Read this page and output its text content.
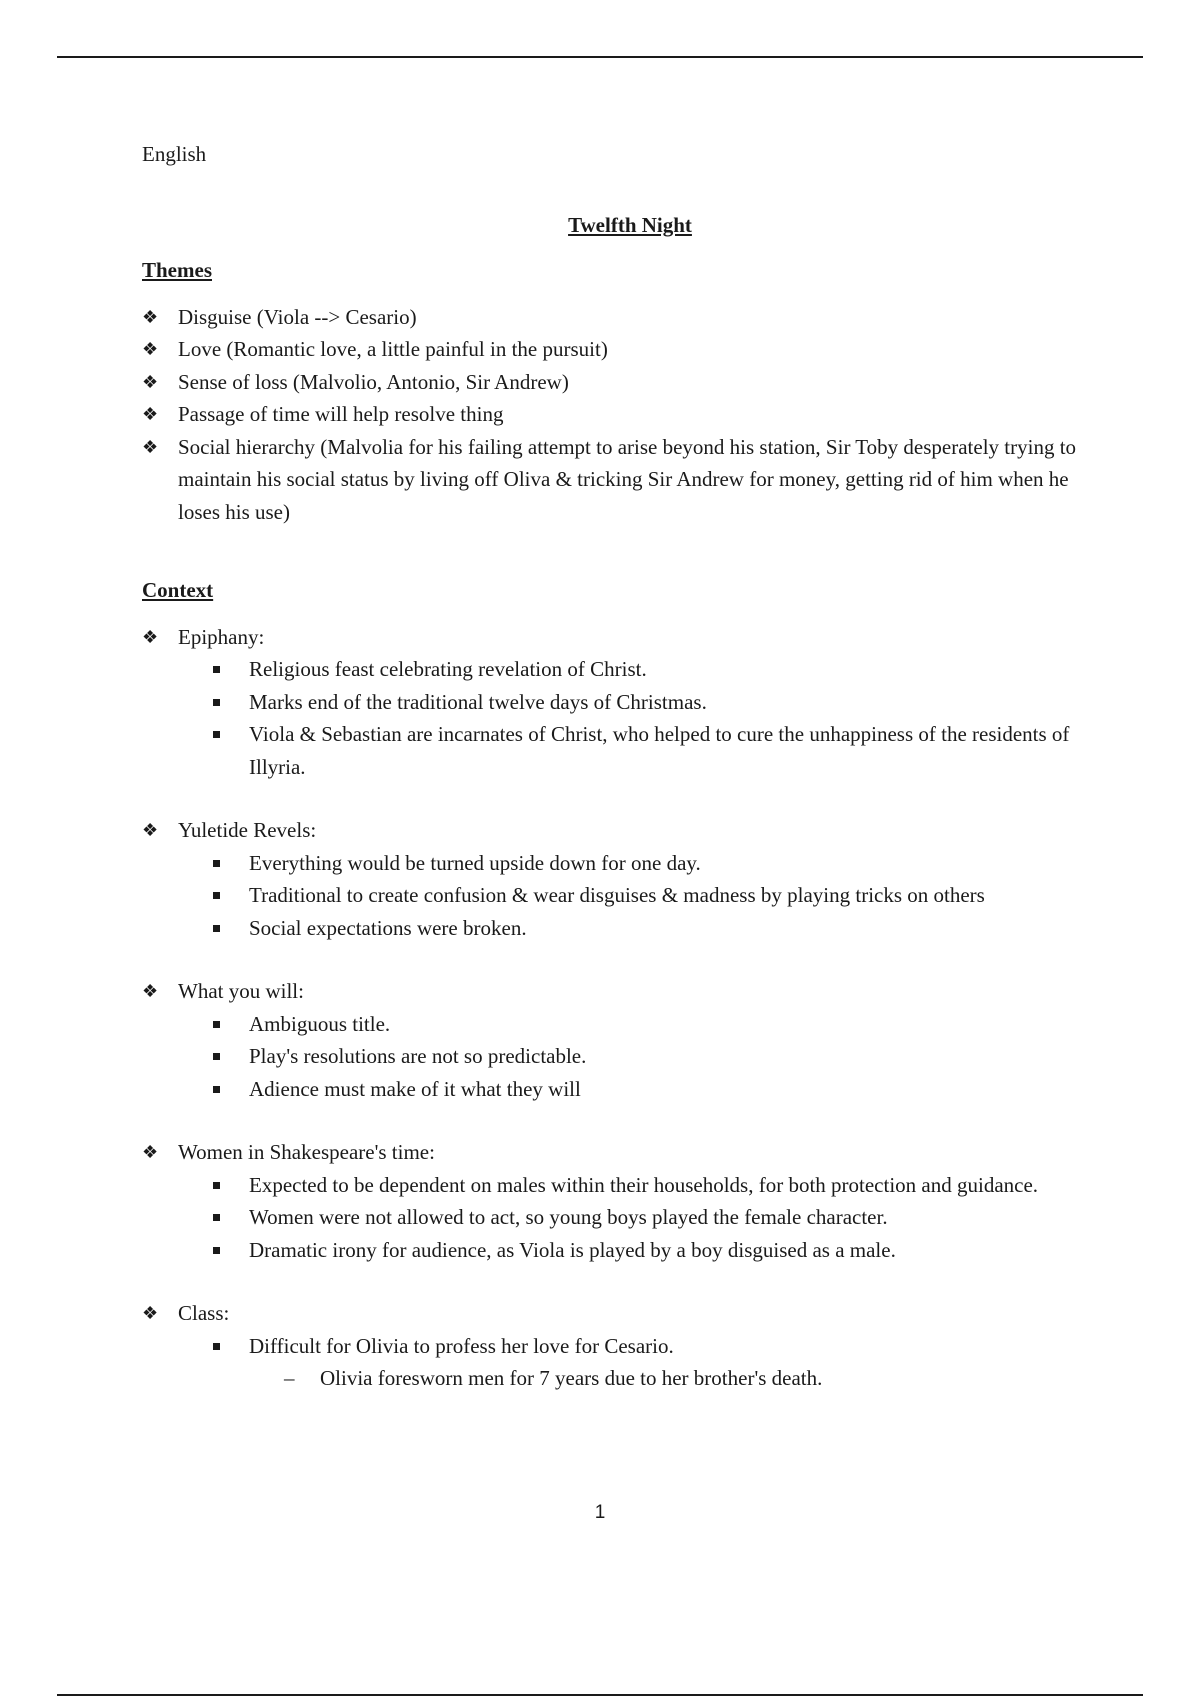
English
Twelfth Night
Themes
❖ Disguise (Viola --> Cesario)
❖ Love (Romantic love, a little painful in the pursuit)
❖ Sense of loss (Malvolio, Antonio, Sir Andrew)
❖ Passage of time will help resolve thing
❖ Social hierarchy (Malvolia for his failing attempt to arise beyond his station, Sir Toby desperately trying to maintain his social status by living off Oliva & tricking Sir Andrew for money, getting rid of him when he loses his use)
Context
❖ Epiphany:
Religious feast celebrating revelation of Christ.
Marks end of the traditional twelve days of Christmas.
Viola & Sebastian are incarnates of Christ, who helped to cure the unhappiness of the residents of Illyria.
❖ Yuletide Revels:
Everything would be turned upside down for one day.
Traditional to create confusion & wear disguises & madness by playing tricks on others
Social expectations were broken.
❖ What you will:
Ambiguous title.
Play's resolutions are not so predictable.
Adience must make of it what they will
❖ Women in Shakespeare's time:
Expected to be dependent on males within their households, for both protection and guidance.
Women were not allowed to act, so young boys played the female character.
Dramatic irony for audience, as Viola is played by a boy disguised as a male.
❖ Class:
Difficult for Olivia to profess her love for Cesario.
– Olivia foresworn men for 7 years due to her brother's death.
1
